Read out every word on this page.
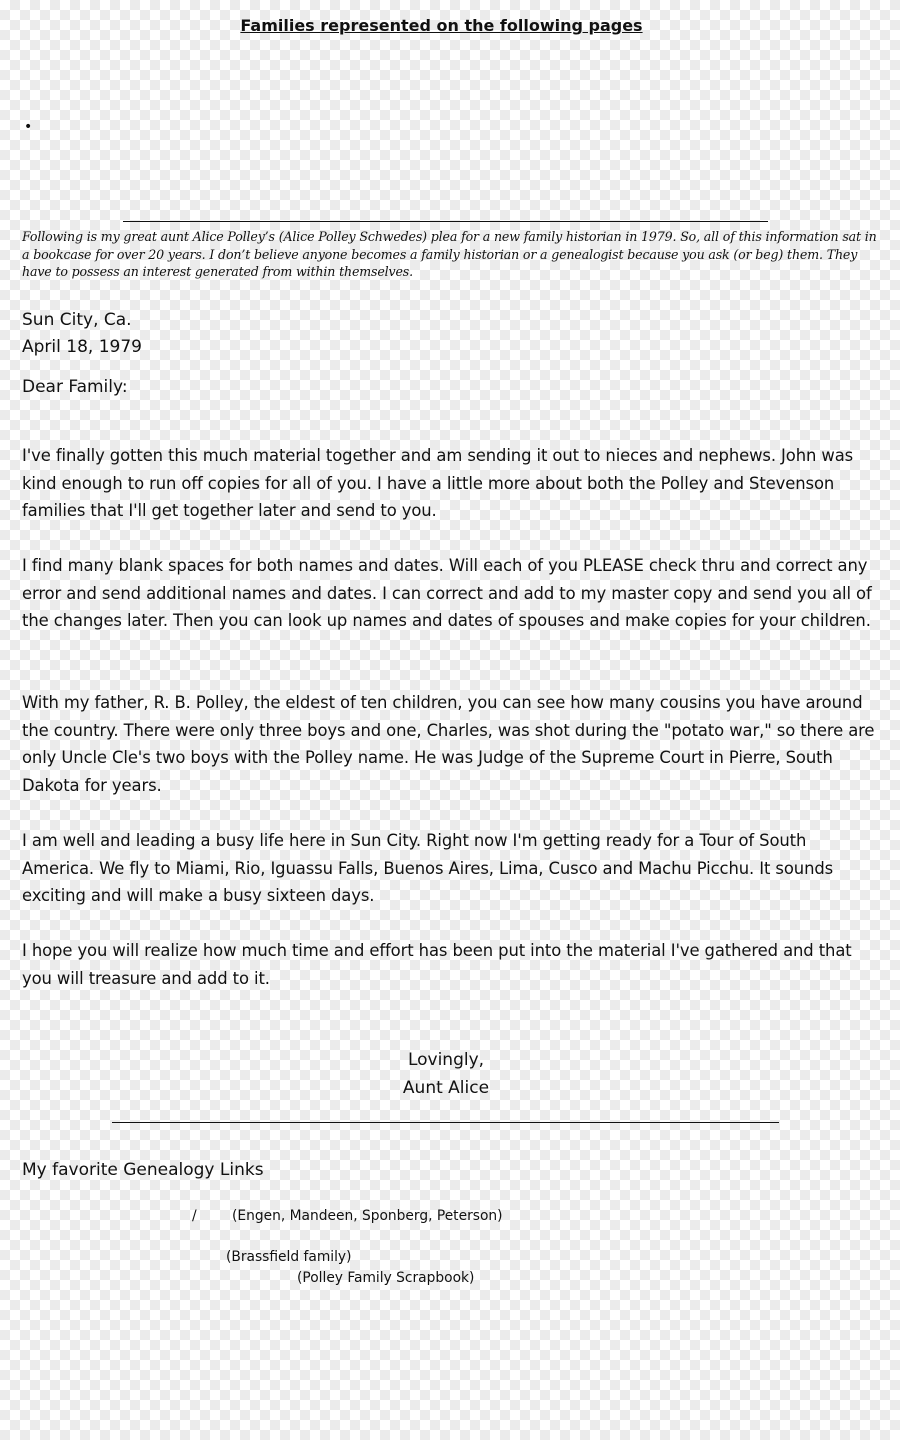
Families represented on the following pages
•

Following is my great aunt Alice Polley’s (Alice Polley Schwedes) plea for a new family historian in 1979. So, all of this information sat in a bookcase for over 20 years. I don’t believe anyone becomes a family historian or a genealogist because you ask (or beg) them. They have to possess an interest generated from within themselves.

Sun City, Ca.
April 18, 1979
Dear Family:

I've finally gotten this much material together and am sending it out to nieces and nephews. John was kind enough to run off copies for all of you. I have a little more about both the Polley and Stevenson families that I'll get together later and send to you.

I find many blank spaces for both names and dates. Will each of you PLEASE check thru and correct any error and send additional names and dates. I can correct and add to my master copy and send you all of the changes later. Then you can look up names and dates of spouses and make copies for your children.

With my father, R. B. Polley, the eldest of ten children, you can see how many cousins you have around the country. There were only three boys and one, Charles, was shot during the "potato war," so there are only Uncle Cle's two boys with the Polley name. He was Judge of the Supreme Court in Pierre, South Dakota for years.

I am well and leading a busy life here in Sun City. Right now I'm getting ready for a Tour of South America. We fly to Miami, Rio, Iguassu Falls, Buenos Aires, Lima, Cusco and Machu Picchu. It sounds exciting and will make a busy sixteen days.

I hope you will realize how much time and effort has been put into the material I've gathered and that you will treasure and add to it.

Lovingly,
Aunt Alice
My favorite Genealogy Links
/	(Engen, Mandeen, Sponberg, Peterson)
(Brassfield family)
(Polley Family Scrapbook)
